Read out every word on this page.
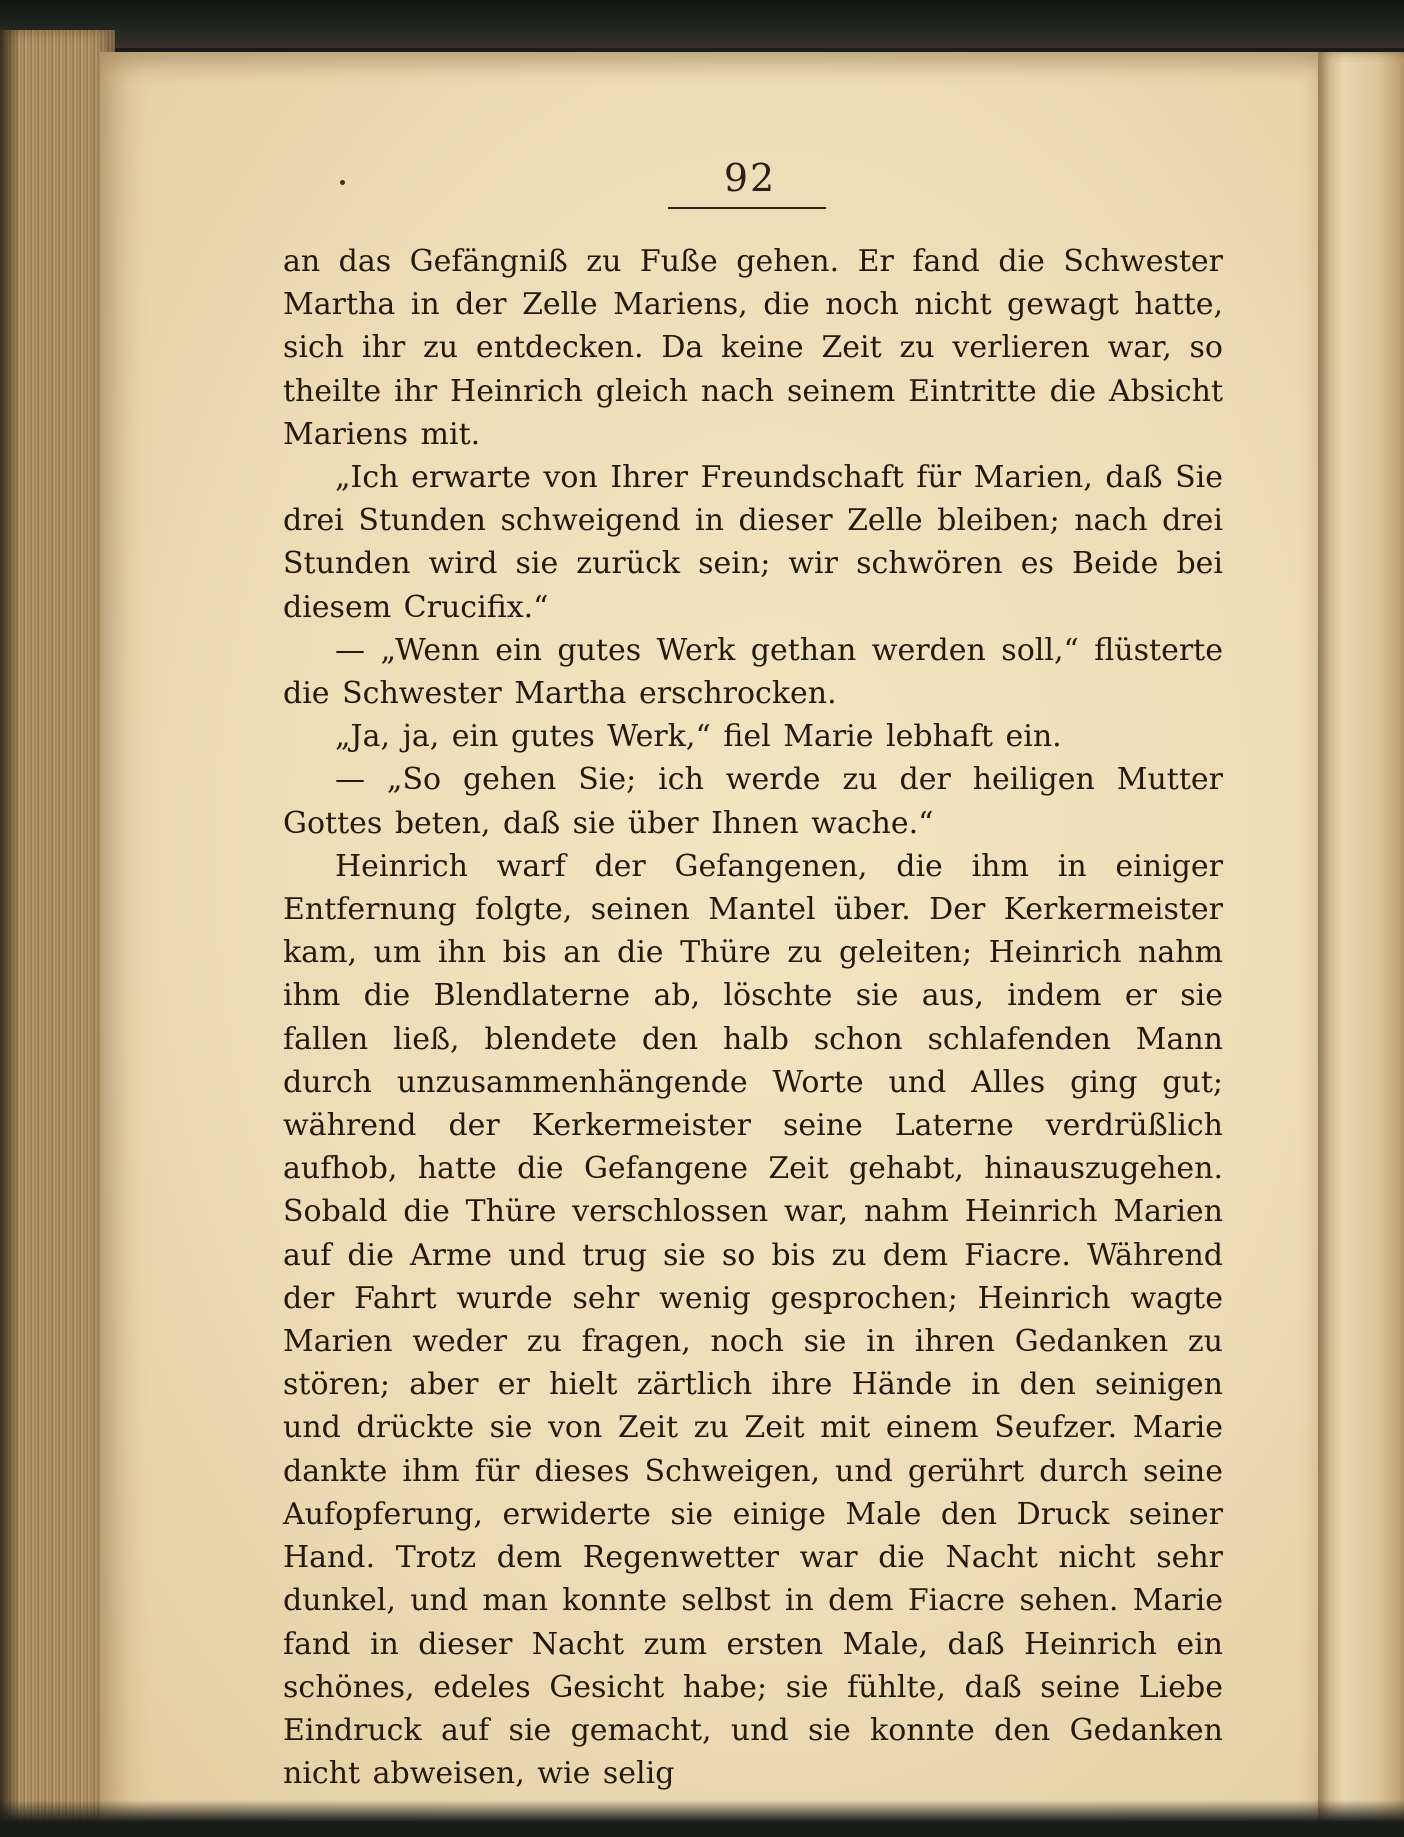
92

an das Gefängniß zu Fuße gehen. Er fand die Schwester Martha in der Zelle Mariens, die noch nicht gewagt hatte, sich ihr zu entdecken. Da keine Zeit zu verlieren war, so theilte ihr Heinrich gleich nach seinem Eintritte die Absicht Mariens mit.

„Ich erwarte von Ihrer Freundschaft für Marien, daß Sie drei Stunden schweigend in dieser Zelle bleiben; nach drei Stunden wird sie zurück sein; wir schwören es Beide bei diesem Crucifix.“

— „Wenn ein gutes Werk gethan werden soll,“ flüsterte die Schwester Martha erschrocken.

„Ja, ja, ein gutes Werk,“ fiel Marie lebhaft ein.

— „So gehen Sie; ich werde zu der heiligen Mutter Gottes beten, daß sie über Ihnen wache.“

Heinrich warf der Gefangenen, die ihm in einiger Entfernung folgte, seinen Mantel über. Der Kerkermeister kam, um ihn bis an die Thüre zu geleiten; Heinrich nahm ihm die Blendlaterne ab, löschte sie aus, indem er sie fallen ließ, blendete den halb schon schlafenden Mann durch unzusammenhängende Worte und Alles ging gut; während der Kerkermeister seine Laterne verdrüßlich aufhob, hatte die Gefangene Zeit gehabt, hinauszugehen. Sobald die Thüre verschlossen war, nahm Heinrich Marien auf die Arme und trug sie so bis zu dem Fiacre. Während der Fahrt wurde sehr wenig gesprochen; Heinrich wagte Marien weder zu fragen, noch sie in ihren Gedanken zu stören; aber er hielt zärtlich ihre Hände in den seinigen und drückte sie von Zeit zu Zeit mit einem Seufzer. Marie dankte ihm für dieses Schweigen, und gerührt durch seine Aufopferung, erwiderte sie einige Male den Druck seiner Hand. Trotz dem Regenwetter war die Nacht nicht sehr dunkel, und man konnte selbst in dem Fiacre sehen. Marie fand in dieser Nacht zum ersten Male, daß Heinrich ein schönes, edeles Gesicht habe; sie fühlte, daß seine Liebe Eindruck auf sie gemacht, und sie konnte den Gedanken nicht abweisen, wie selig
